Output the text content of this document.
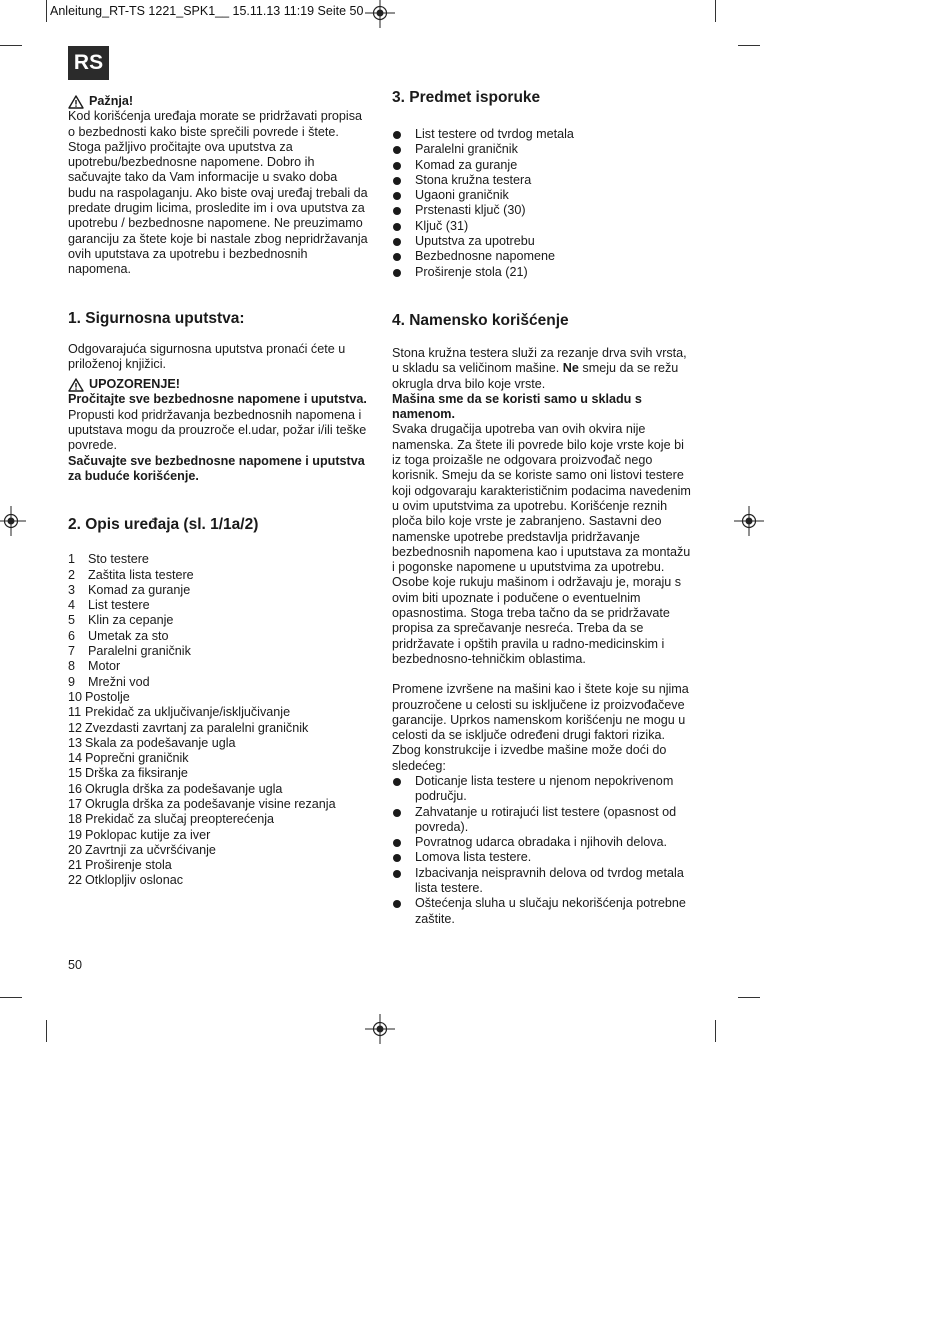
Anleitung_RT-TS 1221_SPK1__ 15.11.13 11:19 Seite 50
RS
Pažnja!

Kod korišćenja uređaja morate se pridržavati propisa o bezbednosti kako biste sprečili povrede i štete. Stoga pažljivo pročitajte ova uputstva za upotrebu/bezbednosne napomene. Dobro ih sačuvajte tako da Vam informacije u svako doba budu na raspolaganju. Ako biste ovaj uređaj trebali da predate drugim licima, prosledite im i ova uputstva za upotrebu / bezbednosne napomene. Ne preuzimamo garanciju za štete koje bi nastale zbog nepridržavanja ovih uputstava za upotrebu i bezbednosnih napomena.

1. Sigurnosna uputstva:

Odgovarajuća sigurnosna uputstva pronaći ćete u priloženoj knjižici.

UPOZORENJE!

Pročitajte sve bezbednosne napomene i uputstva.

Propusti kod pridržavanja bezbednosnih napomena i uputstava mogu da prouzroče el.udar, požar i/ili teške povrede.

Sačuvajte sve bezbednosne napomene i uputstva za buduće korišćenje.

2. Opis uređaja (sl. 1/1a/2)
1	Sto testere
2	Zaštita lista testere
3	Komad za guranje
4	List testere
5	Klin za cepanje
6	Umetak za sto
7	Paralelni graničnik
8	Motor
9	Mrežni vod
10 Postolje
11 Prekidač za uključivanje/isključivanje
12 Zvezdasti zavrtanj za paralelni graničnik
13 Skala za podešavanje ugla
14 Poprečni graničnik
15 Drška za fiksiranje
16 Okrugla drška za podešavanje ugla
17 Okrugla drška za podešavanje visine rezanja
18 Prekidač za slučaj preopterećenja
19 Poklopac kutije za iver
20 Zavrtnji za učvršćivanje
21 Proširenje stola
22 Otklopljiv oslonac
3. Predmet isporuke
List testere od tvrdog metala
Paralelni graničnik
Komad za guranje
Stona kružna testera
Ugaoni graničnik
Prstenasti ključ (30)
Ključ (31)
Uputstva za upotrebu
Bezbednosne napomene
Proširenje stola (21)
4. Namensko korišćenje

Stona kružna testera služi za rezanje drva svih vrsta, u skladu sa veličinom mašine. Ne smeju da se režu okrugla drva bilo koje vrste.

Mašina sme da se koristi samo u skladu s namenom.

Svaka drugačija upotreba van ovih okvira nije namenska. Za štete ili povrede bilo koje vrste koje bi iz toga proizašle ne odgovara proizvođač nego korisnik. Smeju da se koriste samo oni listovi testere koji odgovaraju karakterističnim podacima navedenim u ovim uputstvima za upotrebu. Korišćenje reznih ploča bilo koje vrste je zabranjeno. Sastavni deo namenske upotrebe predstavlja pridržavanje bezbednosnih napomena kao i uputstava za montažu i pogonske napomene u uputstvima za upotrebu. Osobe koje rukuju mašinom i održavaju je, moraju s ovim biti upoznate i podučene o eventuelnim opasnostima. Stoga treba tačno da se pridržavate propisa za sprečavanje nesreća. Treba da se pridržavate i opštih pravila u radno-medicinskim i bezbednosno-tehničkim oblastima.

Promene izvršene na mašini kao i štete koje su njima prouzročene u celosti su isključene iz proizvođačeve garancije. Uprkos namenskom korišćenju ne mogu u celosti da se isključe određeni drugi faktori rizika. Zbog konstrukcije i izvedbe mašine može doći do sledećeg:

Doticanje lista testere u njenom nepokrivenom području.
Zahvatanje u rotirajući list testere (opasnost od povreda).
Povratnog udarca obradaka i njihovih delova.
Lomova lista testere.
Izbacivanja neispravnih delova od tvrdog metala lista testere.
Oštećenja sluha u slučaju nekorišćenja potrebne zaštite.
50
